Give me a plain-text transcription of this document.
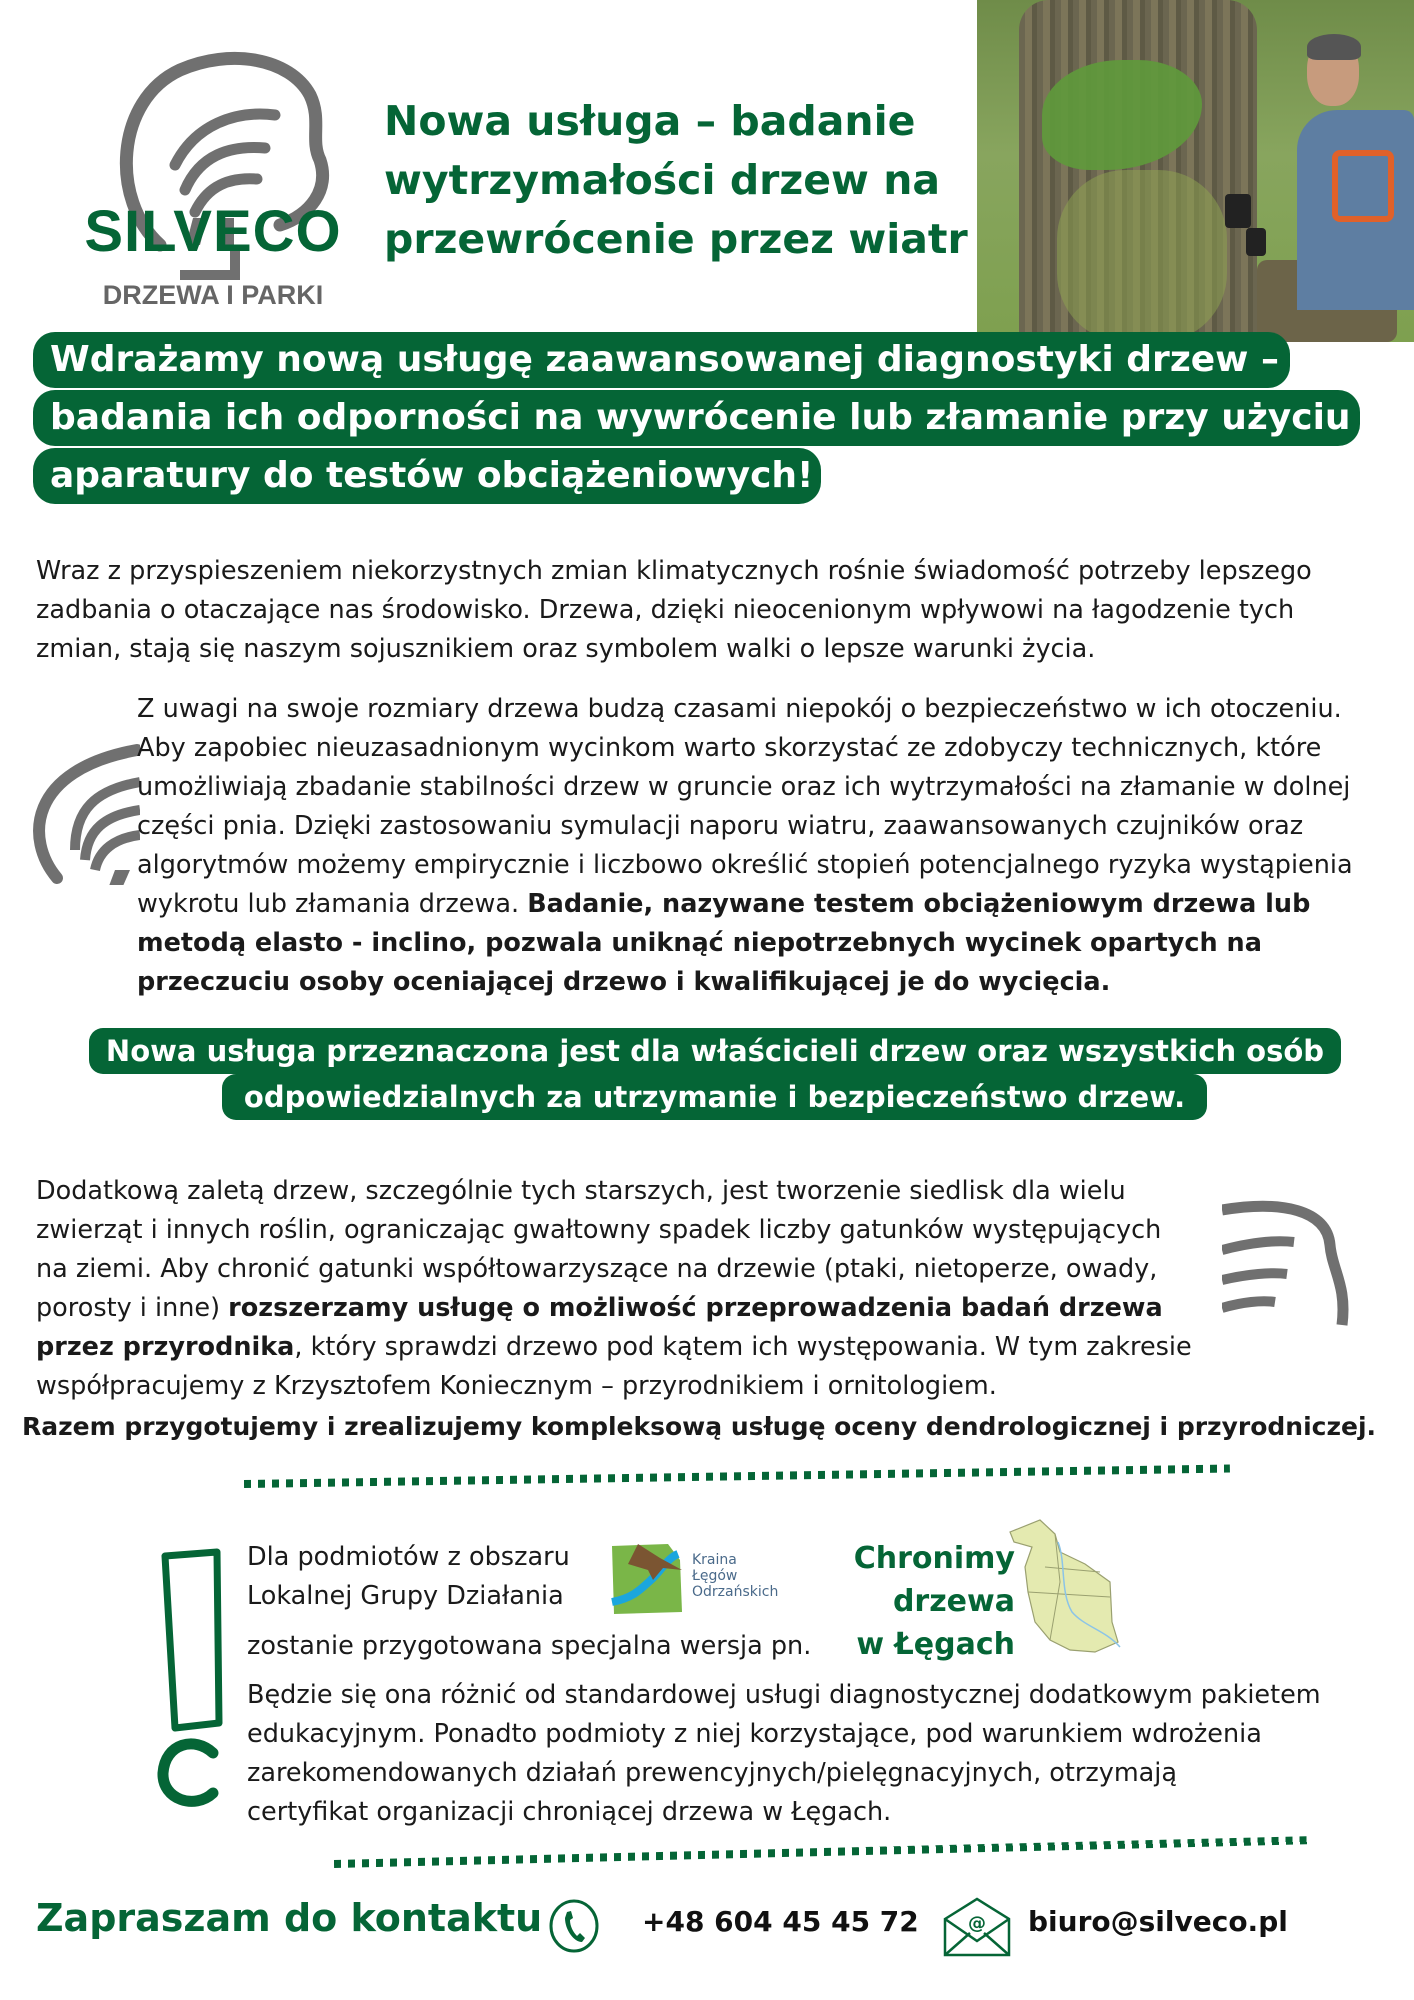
SILVECO
DRZEWA I PARKI
Nowa usługa – badanie
wytrzymałości drzew na
przewrócenie przez wiatr
Wdrażamy nową usługę zaawansowanej diagnostyki drzew –
badania ich odporności na wywrócenie lub złamanie przy użyciu
aparatury do testów obciążeniowych!
Wraz z przyspieszeniem niekorzystnych zmian klimatycznych rośnie świadomość potrzeby lepszego
zadbania o otaczające nas środowisko. Drzewa, dzięki nieocenionym wpływowi na łagodzenie tych
zmian, stają się naszym sojusznikiem oraz symbolem walki o lepsze warunki życia.
Z uwagi na swoje rozmiary drzewa budzą czasami niepokój o bezpieczeństwo w ich otoczeniu.
Aby zapobiec nieuzasadnionym wycinkom warto skorzystać ze zdobyczy technicznych, które
umożliwiają zbadanie stabilności drzew w gruncie oraz ich wytrzymałości na złamanie w dolnej
części pnia. Dzięki zastosowaniu symulacji naporu wiatru, zaawansowanych czujników oraz
algorytmów możemy empirycznie i liczbowo określić stopień potencjalnego ryzyka wystąpienia
wykrotu lub złamania drzewa. Badanie, nazywane testem obciążeniowym drzewa lub
metodą elasto - inclino, pozwala uniknąć niepotrzebnych wycinek opartych na
przeczuciu osoby oceniającej drzewo i kwalifikującej je do wycięcia.
Nowa usługa przeznaczona jest dla właścicieli drzew oraz wszystkich osób
odpowiedzialnych za utrzymanie i bezpieczeństwo drzew.
Dodatkową zaletą drzew, szczególnie tych starszych, jest tworzenie siedlisk dla wielu
zwierząt i innych roślin, ograniczając gwałtowny spadek liczby gatunków występujących
na ziemi. Aby chronić gatunki współtowarzyszące na drzewie (ptaki, nietoperze, owady,
porosty i inne) rozszerzamy usługę o możliwość przeprowadzenia badań drzewa
przez przyrodnika, który sprawdzi drzewo pod kątem ich występowania. W tym zakresie
współpracujemy z Krzysztofem Koniecznym – przyrodnikiem i ornitologiem.
Razem przygotujemy i zrealizujemy kompleksową usługę oceny dendrologicznej i przyrodniczej.
Dla podmiotów z obszaru
Lokalnej Grupy Działania
zostanie przygotowana specjalna wersja pn.
Kraina
Łęgów
Odrzańskich
Chronimy
drzewa
w Łęgach
Będzie się ona różnić od standardowej usługi diagnostycznej dodatkowym pakietem
edukacyjnym. Ponadto podmioty z niej korzystające, pod warunkiem wdrożenia
zarekomendowanych działań prewencyjnych/pielęgnacyjnych, otrzymają
certyfikat organizacji chroniącej drzewa w Łęgach.
Zapraszam do kontaktu	+48 604 45 45 72	@ biuro@silveco.pl
